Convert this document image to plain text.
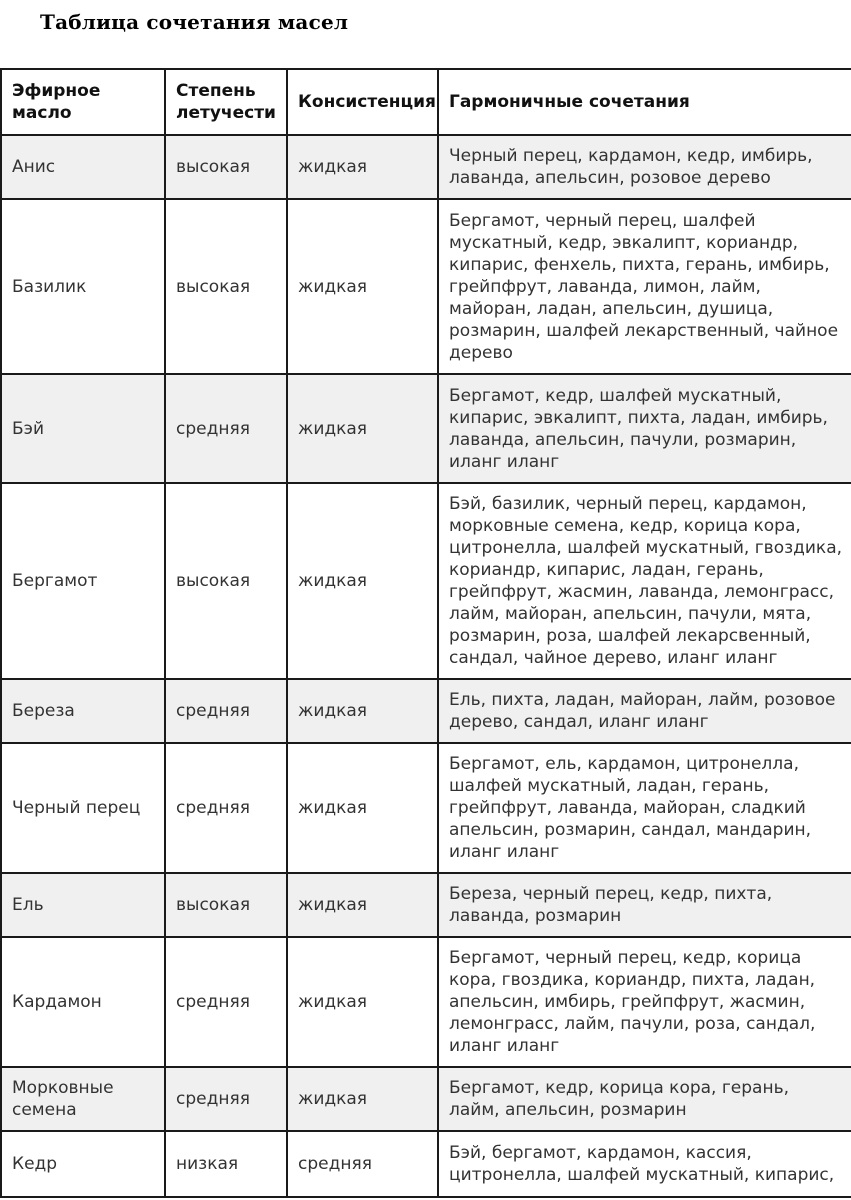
Таблица сочетания масел
Эфирное масло	Степень летучести	Консистенция	Гармоничные сочетания
Анис	высокая	жидкая	Черный перец, кардамон, кедр, имбирь, лаванда, апельсин, розовое дерево
Базилик	высокая	жидкая	Бергамот, черный перец, шалфей мускатный, кедр, эвкалипт, кориандр, кипарис, фенхель, пихта, герань, имбирь, грейпфрут, лаванда, лимон, лайм, майоран, ладан, апельсин, душица, розмарин, шалфей лекарственный, чайное дерево
Бэй	средняя	жидкая	Бергамот, кедр, шалфей мускатный, кипарис, эвкалипт, пихта, ладан, имбирь, лаванда, апельсин, пачули, розмарин, иланг иланг
Бергамот	высокая	жидкая	Бэй, базилик, черный перец, кардамон, морковные семена, кедр, корица кора, цитронелла, шалфей мускатный, гвоздика, кориандр, кипарис, ладан, герань, грейпфрут, жасмин, лаванда, лемонграсс, лайм, майоран, апельсин, пачули, мята, розмарин, роза, шалфей лекарсвенный, сандал, чайное дерево, иланг иланг
Береза	средняя	жидкая	Ель, пихта, ладан, майоран, лайм, розовое дерево, сандал, иланг иланг
Черный перец	средняя	жидкая	Бергамот, ель, кардамон, цитронелла, шалфей мускатный, ладан, герань, грейпфрут, лаванда, майоран, сладкий апельсин, розмарин, сандал, мандарин, иланг иланг
Ель	высокая	жидкая	Береза, черный перец, кедр, пихта, лаванда, розмарин
Кардамон	средняя	жидкая	Бергамот, черный перец, кедр, корица кора, гвоздика, кориандр, пихта, ладан, апельсин, имбирь, грейпфрут, жасмин, лемонграсс, лайм, пачули, роза, сандал, иланг иланг
Морковные семена	средняя	жидкая	Бергамот, кедр, корица кора, герань, лайм, апельсин, розмарин
Кедр	низкая	средняя	Бэй, бергамот, кардамон, кассия, цитронелла, шалфей мускатный, кипарис,
